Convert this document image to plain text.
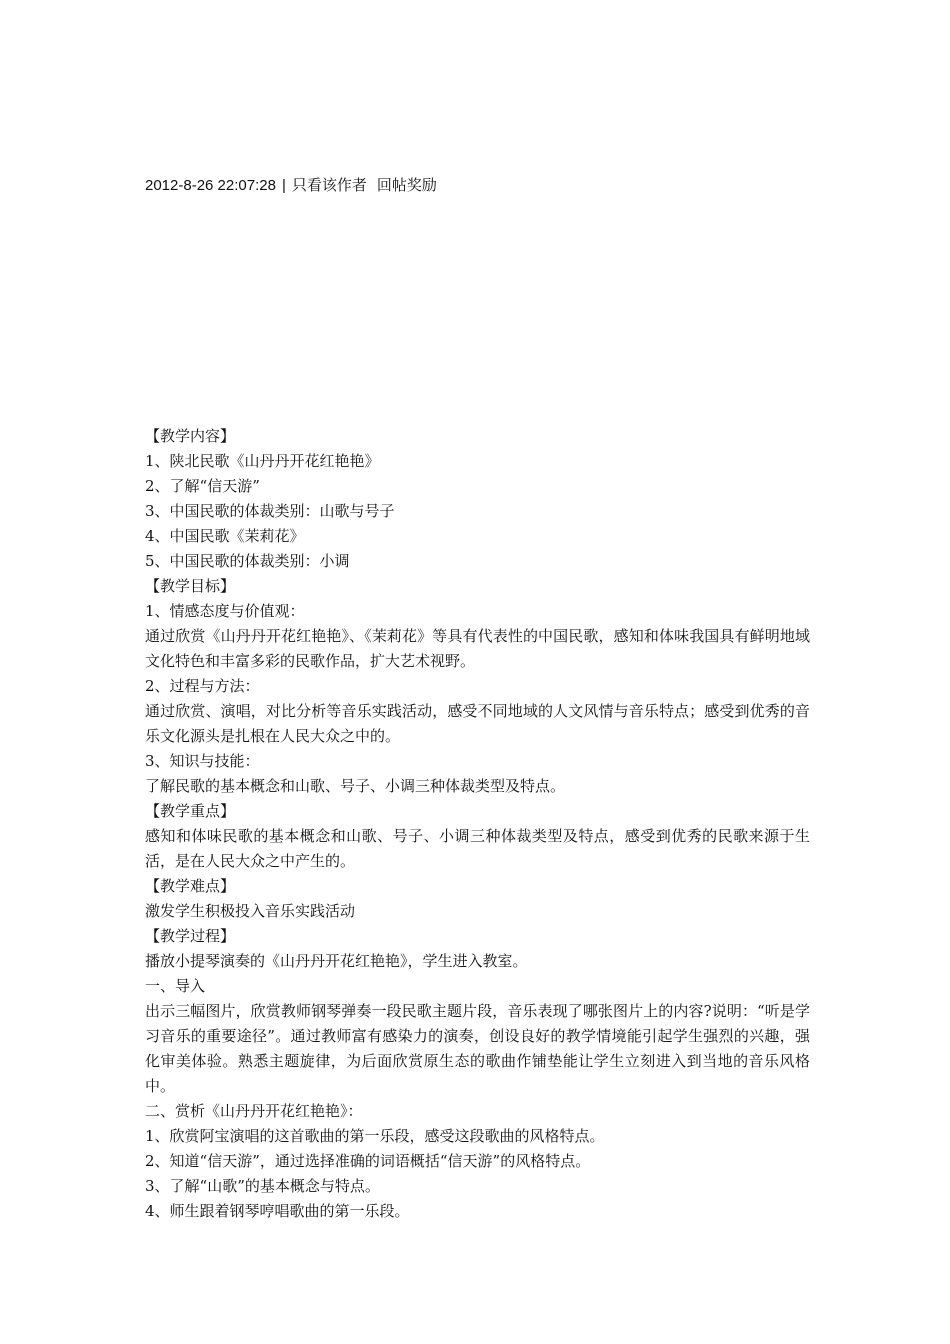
2012-8-26 22:07:28 | 只看该作者 回帖奖励
【教学内容】
1、陕北民歌《山丹丹开花红艳艳》
2、了解“信天游”
3、中国民歌的体裁类别：山歌与号子
4、中国民歌《茉莉花》
5、中国民歌的体裁类别：小调
【教学目标】
1、情感态度与价值观：
通过欣赏《山丹丹开花红艳艳》、《茉莉花》等具有代表性的中国民歌，感知和体味我国具有鲜明地域文化特色和丰富多彩的民歌作品，扩大艺术视野。
2、过程与方法：
通过欣赏、演唱，对比分析等音乐实践活动，感受不同地域的人文风情与音乐特点；感受到优秀的音乐文化源头是扎根在人民大众之中的。
3、知识与技能：
了解民歌的基本概念和山歌、号子、小调三种体裁类型及特点。
【教学重点】
感知和体味民歌的基本概念和山歌、号子、小调三种体裁类型及特点，感受到优秀的民歌来源于生活，是在人民大众之中产生的。
【教学难点】
激发学生积极投入音乐实践活动
【教学过程】
播放小提琴演奏的《山丹丹开花红艳艳》，学生进入教室。
一、导入
出示三幅图片，欣赏教师钢琴弹奏一段民歌主题片段，音乐表现了哪张图片上的内容?说明：“听是学习音乐的重要途径”。通过教师富有感染力的演奏，创设良好的教学情境能引起学生强烈的兴趣，强化审美体验。熟悉主题旋律，为后面欣赏原生态的歌曲作铺垫能让学生立刻进入到当地的音乐风格中。
二、赏析《山丹丹开花红艳艳》：
1、欣赏阿宝演唱的这首歌曲的第一乐段，感受这段歌曲的风格特点。
2、知道“信天游”，通过选择准确的词语概括“信天游”的风格特点。
3、了解“山歌”的基本概念与特点。
4、师生跟着钢琴哼唱歌曲的第一乐段。
